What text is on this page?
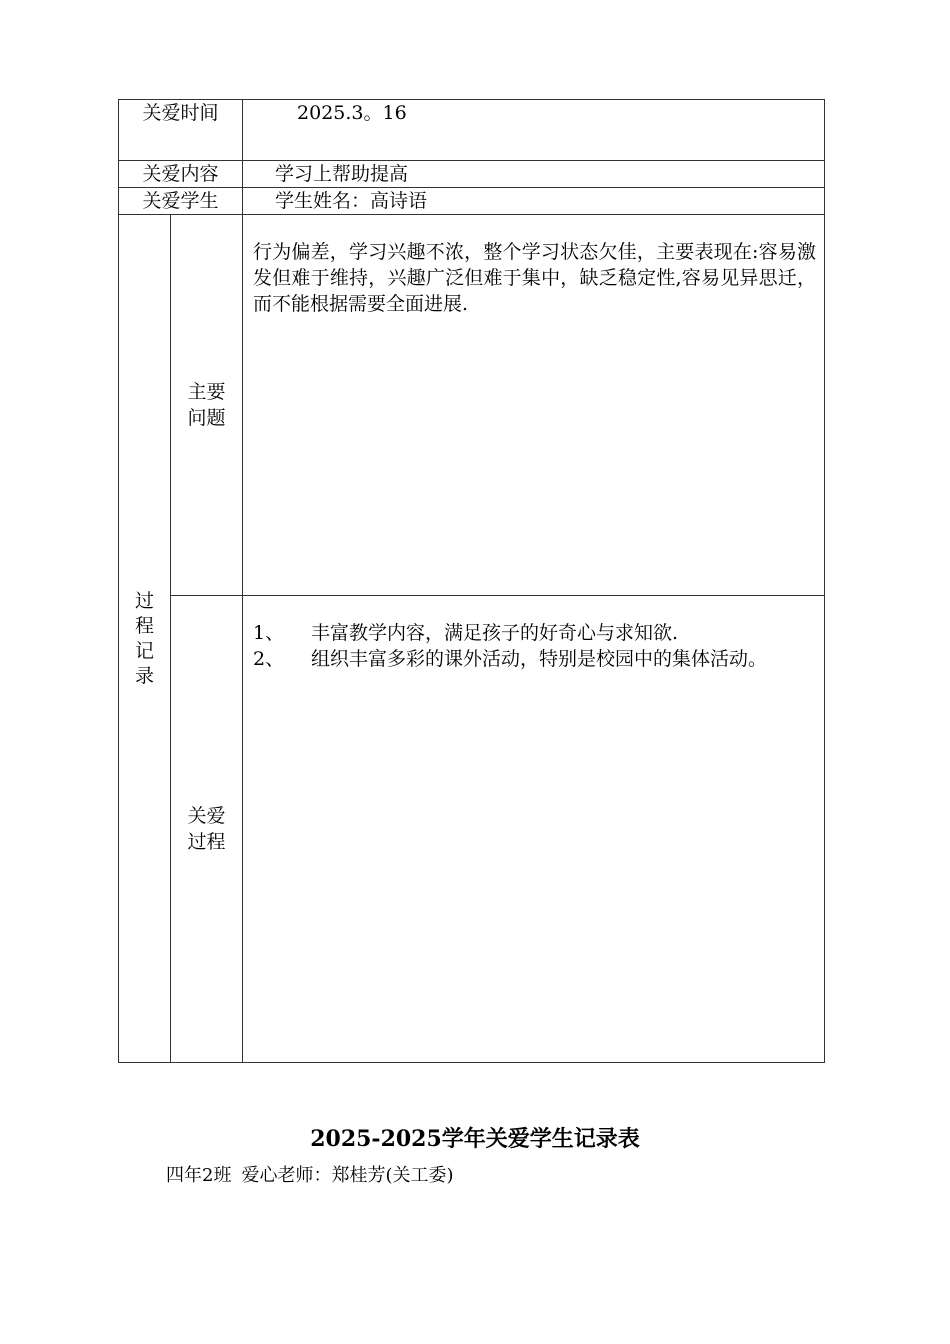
关爱时间		2025.3。16
关爱内容		学习上帮助提高
关爱学生		学生姓名：高诗语
过程记录	主要问题	行为偏差，学习兴趣不浓，整个学习状态欠佳，主要表现在:容易激发但难于维持，兴趣广泛但难于集中，缺乏稳定性,容易见异思迁，而不能根据需要全面进展.
	关爱过程	1、 丰富教学内容，满足孩子的好奇心与求知欲.
2、 组织丰富多彩的课外活动，特别是校园中的集体活动。
2025-2025学年关爱学生记录表
四年2班 爱心老师：郑桂芳(关工委)
